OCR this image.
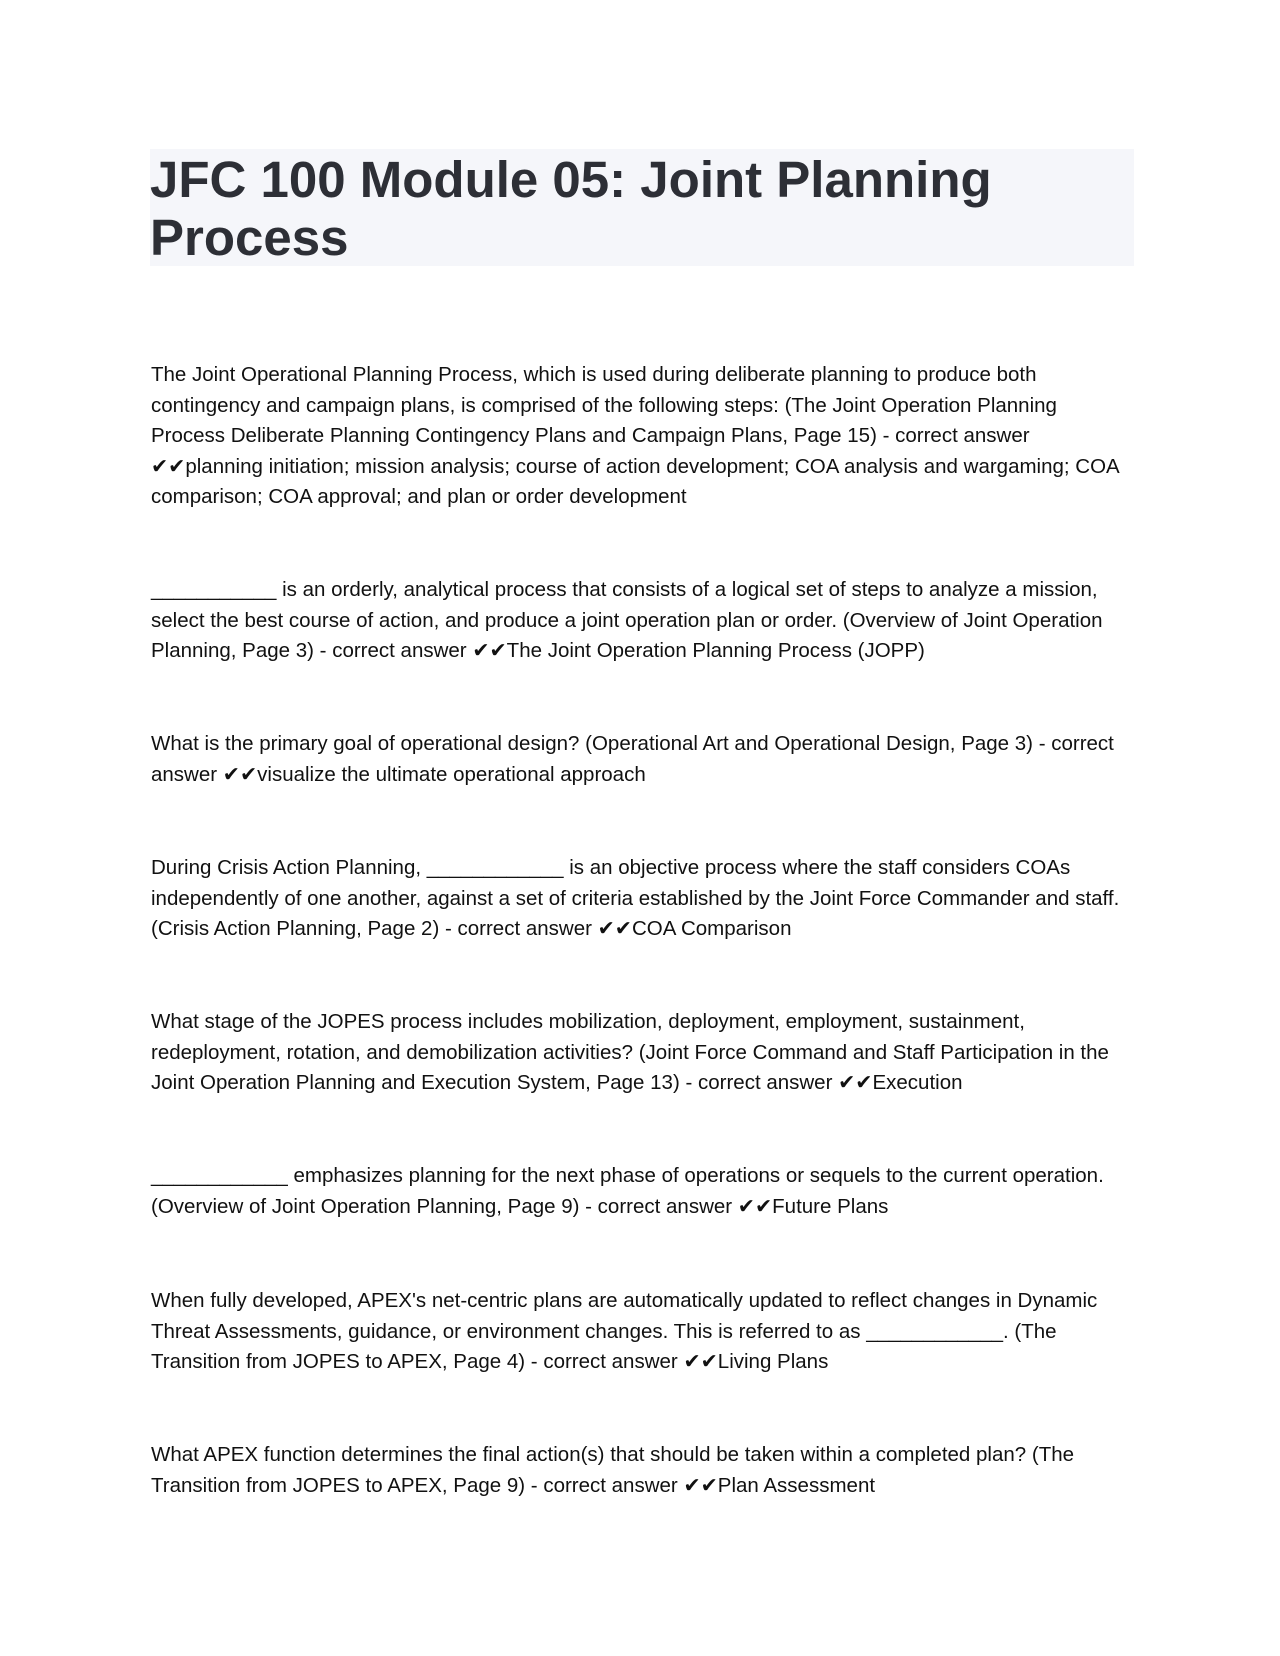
JFC 100 Module 05: Joint Planning Process

The Joint Operational Planning Process, which is used during deliberate planning to produce both contingency and campaign plans, is comprised of the following steps: (The Joint Operation Planning Process Deliberate Planning Contingency Plans and Campaign Plans, Page 15) - correct answer ✔✔planning initiation; mission analysis; course of action development; COA analysis and wargaming; COA comparison; COA approval; and plan or order development

___________ is an orderly, analytical process that consists of a logical set of steps to analyze a mission, select the best course of action, and produce a joint operation plan or order. (Overview of Joint Operation Planning, Page 3) - correct answer ✔✔The Joint Operation Planning Process (JOPP)

What is the primary goal of operational design? (Operational Art and Operational Design, Page 3) - correct answer ✔✔visualize the ultimate operational approach

During Crisis Action Planning, ____________ is an objective process where the staff considers COAs independently of one another, against a set of criteria established by the Joint Force Commander and staff. (Crisis Action Planning, Page 2) - correct answer ✔✔COA Comparison

What stage of the JOPES process includes mobilization, deployment, employment, sustainment, redeployment, rotation, and demobilization activities? (Joint Force Command and Staff Participation in the Joint Operation Planning and Execution System, Page 13) - correct answer ✔✔Execution

____________ emphasizes planning for the next phase of operations or sequels to the current operation. (Overview of Joint Operation Planning, Page 9) - correct answer ✔✔Future Plans

When fully developed, APEX's net-centric plans are automatically updated to reflect changes in Dynamic Threat Assessments, guidance, or environment changes. This is referred to as ____________. (The Transition from JOPES to APEX, Page 4) - correct answer ✔✔Living Plans

What APEX function determines the final action(s) that should be taken within a completed plan? (The Transition from JOPES to APEX, Page 9) - correct answer ✔✔Plan Assessment
